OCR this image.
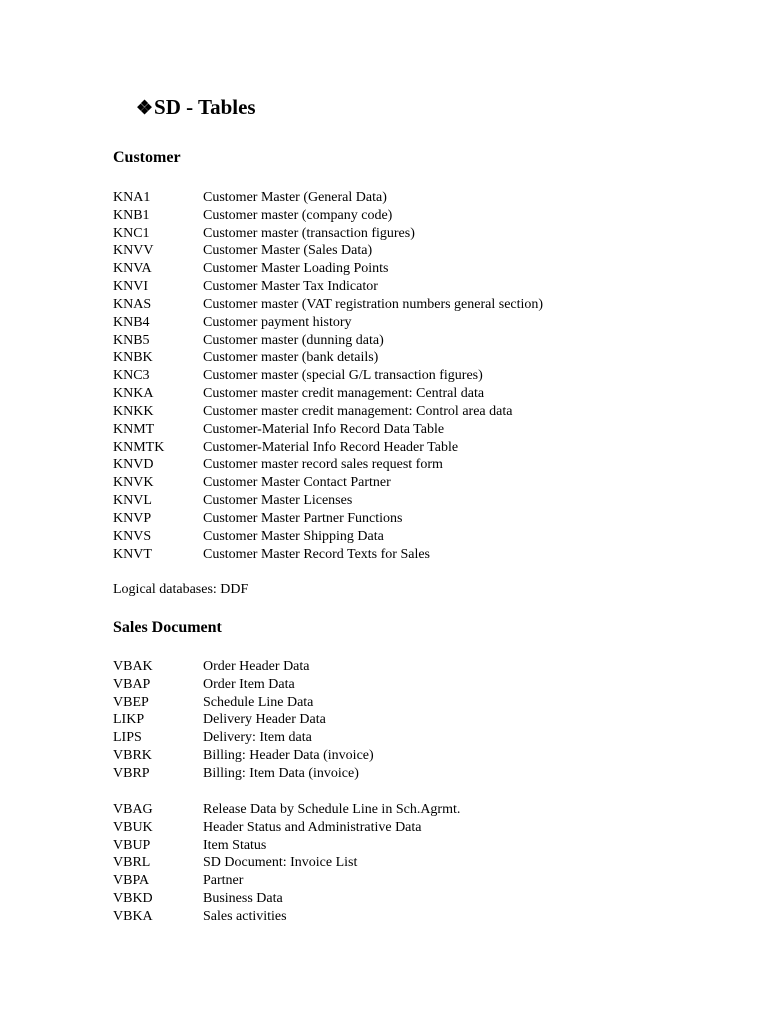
❖SD - Tables
Customer
KNA1	Customer Master (General Data)
KNB1	Customer master (company code)
KNC1	Customer master (transaction figures)
KNVV	Customer Master (Sales Data)
KNVA	Customer Master Loading Points
KNVI	Customer Master Tax Indicator
KNAS	Customer master (VAT registration numbers general section)
KNB4	Customer payment history
KNB5	Customer master (dunning data)
KNBK	Customer master (bank details)
KNC3	Customer master (special G/L transaction figures)
KNKA	Customer master credit management: Central data
KNKK	Customer master credit management: Control area data
KNMT	Customer-Material Info Record Data Table
KNMTK	Customer-Material Info Record Header Table
KNVD	Customer master record sales request form
KNVK	Customer Master Contact Partner
KNVL	Customer Master Licenses
KNVP	Customer Master Partner Functions
KNVS	Customer Master Shipping Data
KNVT	Customer Master Record Texts for Sales
Logical databases: DDF
Sales Document
VBAK	Order Header Data
VBAP	Order Item Data
VBEP	Schedule Line Data
LIKP	Delivery Header Data
LIPS	Delivery: Item data
VBRK	Billing: Header Data (invoice)
VBRP	Billing: Item Data (invoice)
VBAG	Release Data by Schedule Line in Sch.Agrmt.
VBUK	Header Status and Administrative Data
VBUP	Item Status
VBRL	SD Document: Invoice List
VBPA	Partner
VBKD	Business Data
VBKA	Sales activities
